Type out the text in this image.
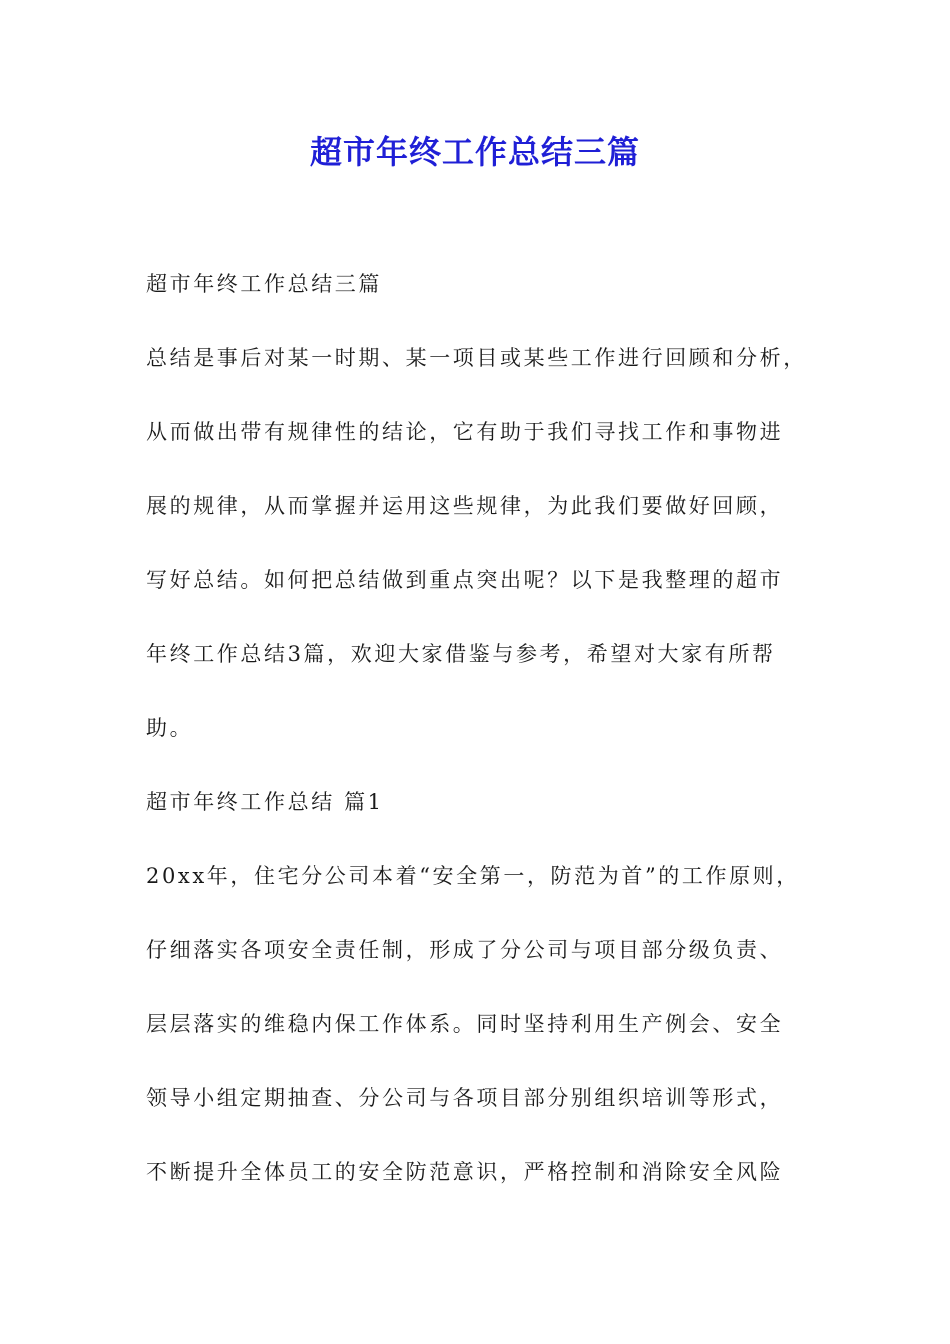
超市年终工作总结三篇
超市年终工作总结三篇
总结是事后对某一时期、某一项目或某些工作进行回顾和分析，
从而做出带有规律性的结论，它有助于我们寻找工作和事物进
展的规律，从而掌握并运用这些规律，为此我们要做好回顾，
写好总结。如何把总结做到重点突出呢？以下是我整理的超市
年终工作总结3篇，欢迎大家借鉴与参考，希望对大家有所帮
助。
超市年终工作总结 篇1
20xx年，住宅分公司本着“安全第一，防范为首”的工作原则，
仔细落实各项安全责任制，形成了分公司与项目部分级负责、
层层落实的维稳内保工作体系。同时坚持利用生产例会、安全
领导小组定期抽查、分公司与各项目部分别组织培训等形式，
不断提升全体员工的安全防范意识，严格控制和消除安全风险
